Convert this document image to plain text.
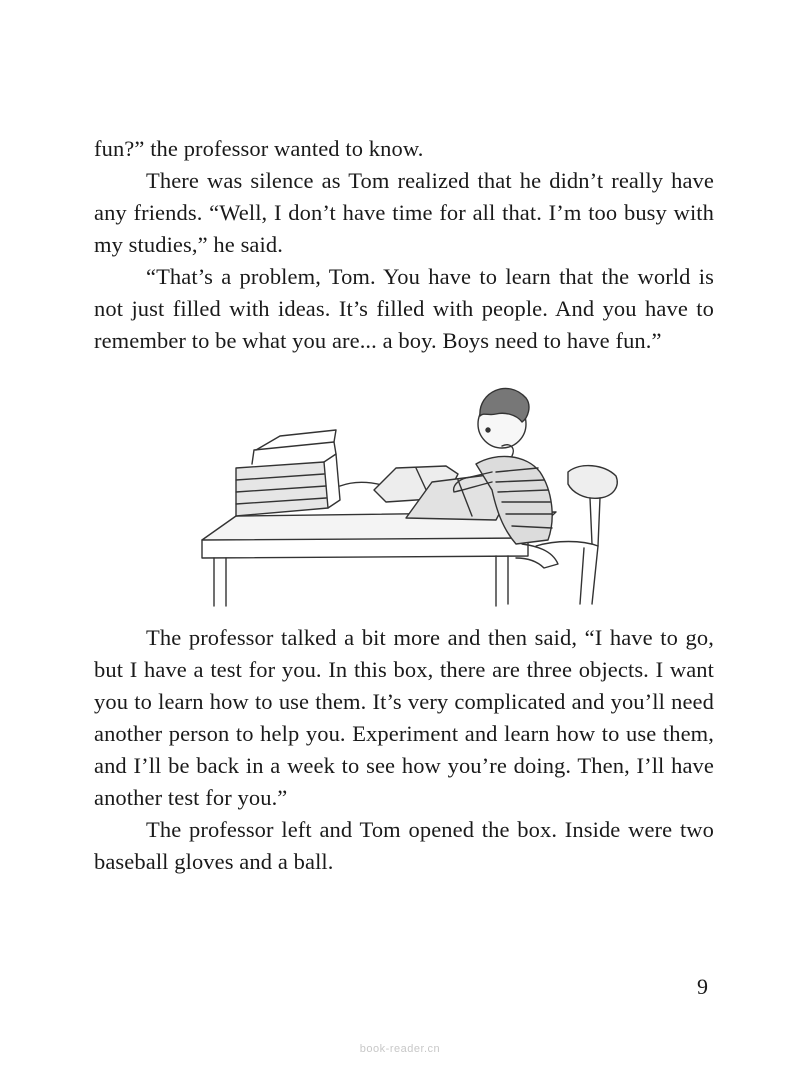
fun?” the professor wanted to know.

There was silence as Tom realized that he didn’t really have any friends. “Well, I don’t have time for all that. I’m too busy with my studies,” he said.

“That’s a problem, Tom. You have to learn that the world is not just filled with ideas. It’s filled with people. And you have to remember to be what you are... a boy. Boys need to have fun.”

The professor talked a bit more and then said, “I have to go, but I have a test for you. In this box, there are three objects. I want you to learn how to use them. It’s very complicated and you’ll need another person to help you. Experiment and learn how to use them, and I’ll be back in a week to see how you’re doing. Then, I’ll have another test for you.”

The professor left and Tom opened the box. Inside were two baseball gloves and a ball.

9
book-reader.cn
